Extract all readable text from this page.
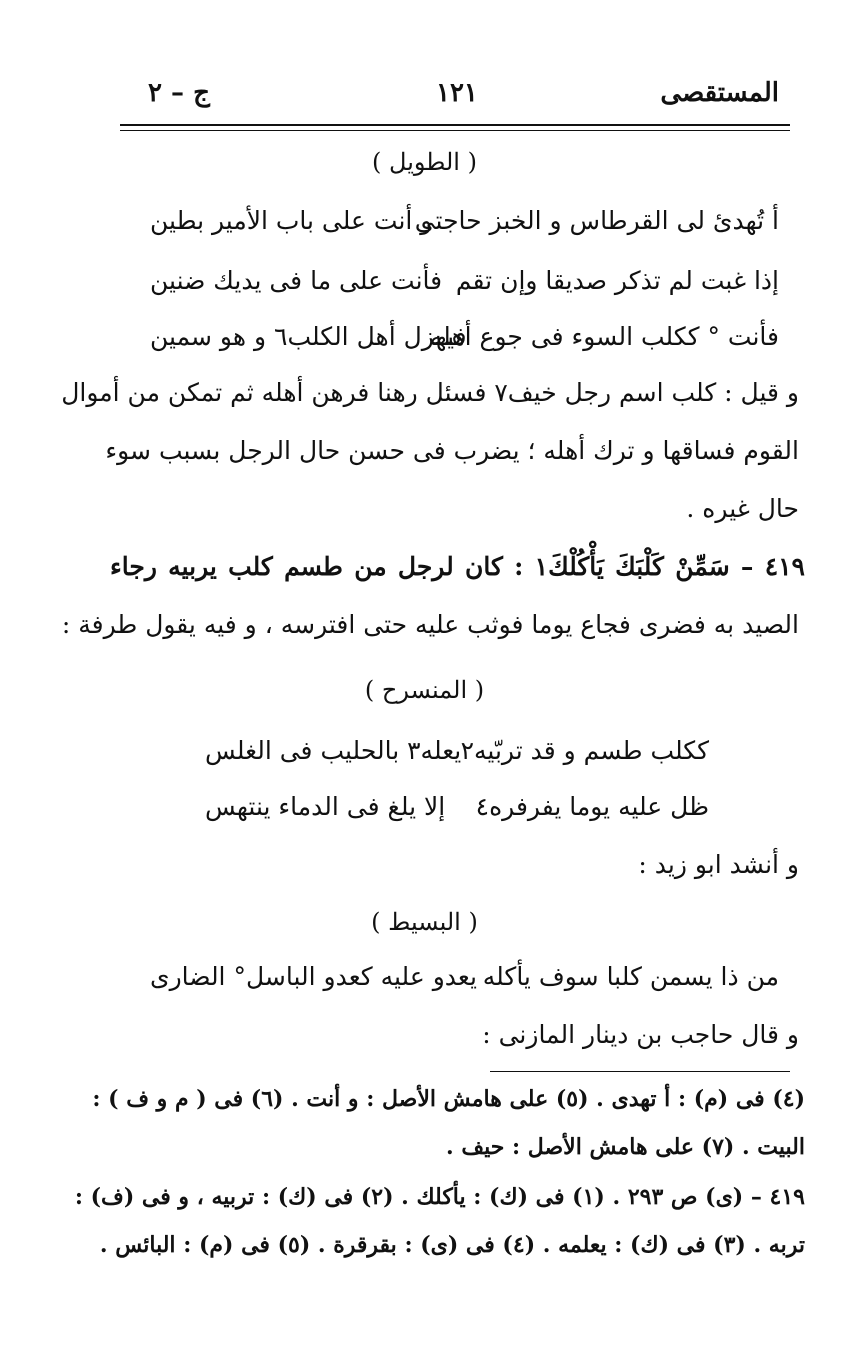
المستقصى
١٢١
ج – ٢
( الطويل )
أ تُهدىٔ لى القرطاس و الخبز حاجتى
و أنت على باب الأمير بطين
إذا غبت لم تذكر صديقا وإن تقم
فأنت على ما فى يديك ضنين
فأنت ° ككلب السوء فى جوع أهله
فيهزل أهل الكلب٦ و هو سمين
و قيل : كلب اسم رجل خيف٧ فسئل رهنا فرهن أهله ثم تمكن من أموال
القوم فساقها و ترك أهله ؛ يضرب فى حسن حال الرجل بسبب سوء
حال غيره .
٤١٩ – سَمِّنْ كَلْبَكَ يَأْكُلْكَ١ : كان لرجل من طسم كلب يربيه رجاء
الصيد به فضرى فجاع يوما فوثب عليه حتى افترسه ، و فيه يقول طرفة :
( المنسرح )
ككلب طسم و قد تربّيه٢
يعله٣ بالحليب فى الغلس
ظل عليه يوما يفرفره٤
إلا يلغ فى الدماء ينتهس
و أنشد ابو زيد :
( البسيط )
من ذا يسمن كلبا سوف يأكله
يعدو عليه كعدو الباسل° الضارى
و قال حاجب بن دينار المازنى :
(٤) فى (م) : أ تهدى . (٥) على هامش الأصل : و أنت . (٦) فى ( م و ف ) :
البيت . (٧) على هامش الأصل : حيف .
٤١٩ – (ى) ص ٢٩٣ . (١) فى (ك) : يأكلك . (٢) فى (ك) : تربيه ، و فى (ف) :
تربه . (٣) فى (ك) : يعلمه . (٤) فى (ى) : بقرقرة . (٥) فى (م) : البائس .
